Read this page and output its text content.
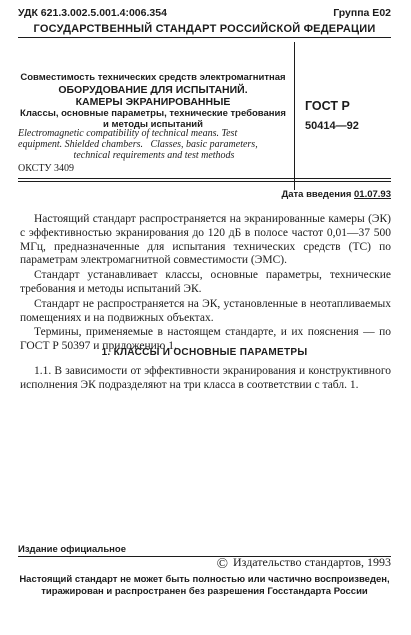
УДК 621.3.002.5.001.4:006.354	Группа Е02
ГОСУДАРСТВЕННЫЙ СТАНДАРТ РОССИЙСКОЙ ФЕДЕРАЦИИ
Совместимость технических средств электромагнитная
ОБОРУДОВАНИЕ ДЛЯ ИСПЫТАНИЙ.
КАМЕРЫ ЭКРАНИРОВАННЫЕ
Классы, основные параметры, технические требования
и методы испытаний
Electromagnetic compatibility of technical means. Test
equipment. Shielded chambers.   Classes, basic parameters,
technical requirements and test methods
ОКСТУ 3409
ГОСТ Р
50414—92
Дата введения 01.07.93

Настоящий стандарт распространяется на экранированные камеры (ЭК) с эффективностью экранирования до 120 дБ в полосе частот 0,01—37 500 МГц, предназначенные для испытания технических средств (ТС) по параметрам электромагнитной совместимости (ЭМС).

Стандарт устанавливает классы, основные параметры, технические требования и методы испытаний ЭК.

Стандарт не распространяется на ЭК, установленные в неотапливаемых помещениях и на подвижных объектах.

Термины, применяемые в настоящем стандарте, и их пояснения — по ГОСТ Р 50397 и приложению 1.

1. КЛАССЫ И ОСНОВНЫЕ ПАРАМЕТРЫ

1.1. В зависимости от эффективности экранирования и конструктивного исполнения ЭК подразделяют на три класса в соответствии с табл. 1.

Издание официальное
© Издательство стандартов, 1993
Настоящий стандарт не может быть полностью или частично воспроизведен,
тиражирован и распространен без разрешения Госстандарта России
